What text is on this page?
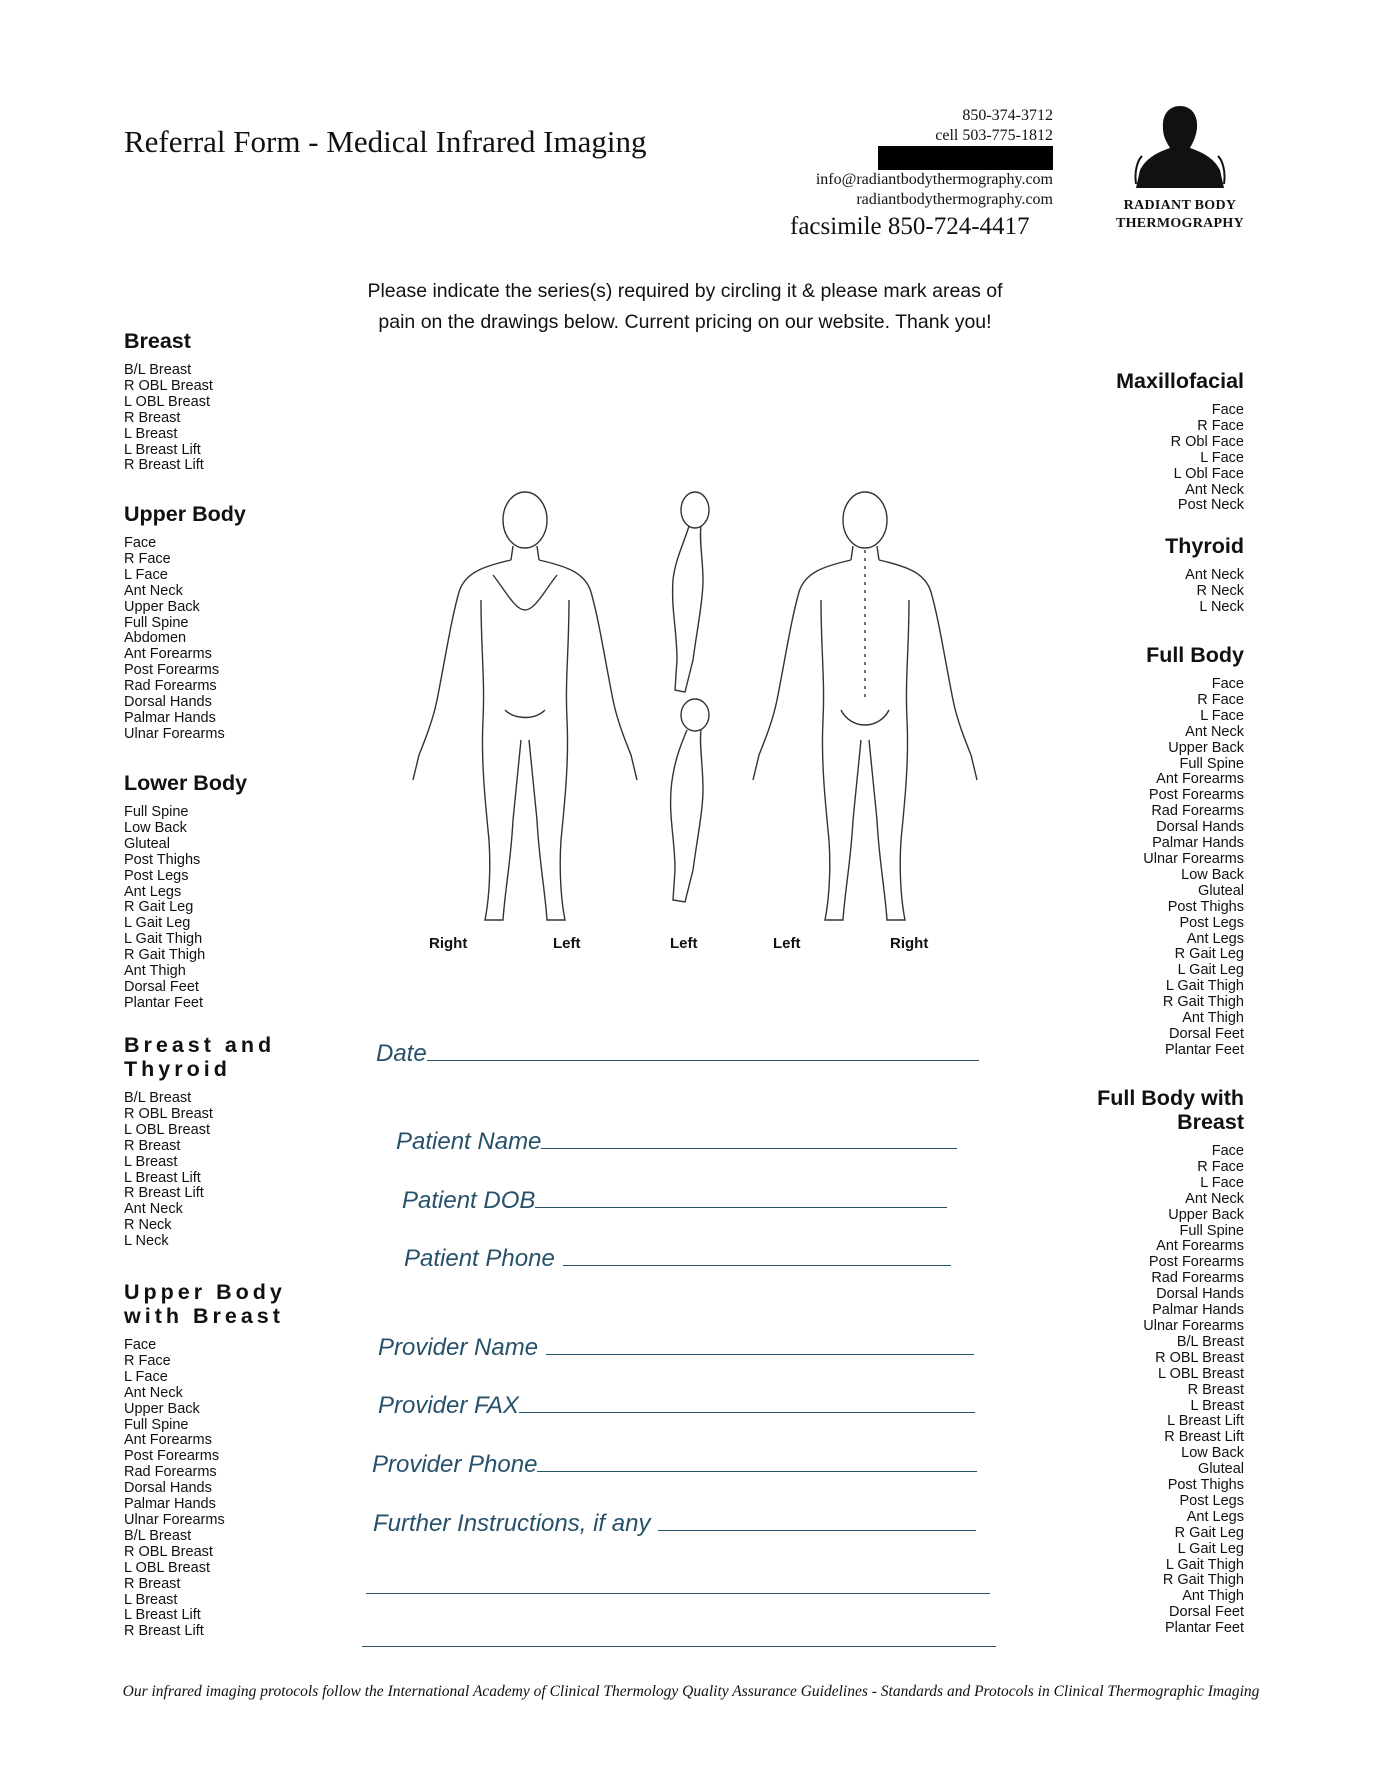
Referral Form - Medical Infrared Imaging
850-374-3712
cell 503-775-1812
info@radiantbodythermography.com
radiantbodythermography.com
facsimile 850-724-4417
RADIANT BODY
THERMOGRAPHY
Please indicate the series(s) required by circling it & please mark areas of
pain on the drawings below. Current pricing on our website. Thank you!
Breast
B/L Breast
R OBL Breast
L OBL Breast
R Breast
L Breast
L Breast Lift
R Breast Lift
Upper Body
Face
R Face
L Face
Ant Neck
Upper Back
Full Spine
Abdomen
Ant Forearms
Post Forearms
Rad Forearms
Dorsal Hands
Palmar Hands
Ulnar Forearms
Lower Body
Full Spine
Low Back
Gluteal
Post Thighs
Post Legs
Ant Legs
R Gait Leg
L Gait Leg
L Gait Thigh
R Gait Thigh
Ant Thigh
Dorsal Feet
Plantar Feet
Breast and Thyroid
B/L Breast
R OBL Breast
L OBL Breast
R Breast
L Breast
L Breast Lift
R Breast Lift
Ant Neck
R Neck
L Neck
Upper Body with Breast
Face
R Face
L Face
Ant Neck
Upper Back
Full Spine
Ant Forearms
Post Forearms
Rad Forearms
Dorsal Hands
Palmar Hands
Ulnar Forearms
B/L Breast
R OBL Breast
L OBL Breast
R Breast
L Breast
L Breast Lift
R Breast Lift
Maxillofacial
Face
R Face
R Obl Face
L Face
L Obl Face
Ant Neck
Post Neck
Thyroid
Ant Neck
R Neck
L Neck
Full Body
Face
R Face
L Face
Ant Neck
Upper Back
Full Spine
Ant Forearms
Post Forearms
Rad Forearms
Dorsal Hands
Palmar Hands
Ulnar Forearms
Low Back
Gluteal
Post Thighs
Post Legs
Ant Legs
R Gait Leg
L Gait Leg
L Gait Thigh
R Gait Thigh
Ant Thigh
Dorsal Feet
Plantar Feet
Full Body with
Breast
Face
R Face
L Face
Ant Neck
Upper Back
Full Spine
Ant Forearms
Post Forearms
Rad Forearms
Dorsal Hands
Palmar Hands
Ulnar Forearms
B/L Breast
R OBL Breast
L OBL Breast
R Breast
L Breast
L Breast Lift
R Breast Lift
Low Back
Gluteal
Post Thighs
Post Legs
Ant Legs
R Gait Leg
L Gait Leg
L Gait Thigh
R Gait Thigh
Ant Thigh
Dorsal Feet
Plantar Feet
Right	Left	Left	Left	Right
Date
Patient Name
Patient DOB
Patient Phone
Provider Name
Provider FAX
Provider Phone
Further Instructions, if any
Our infrared imaging protocols follow the International Academy of Clinical Thermology Quality Assurance Guidelines - Standards and Protocols in Clinical Thermographic Imaging
